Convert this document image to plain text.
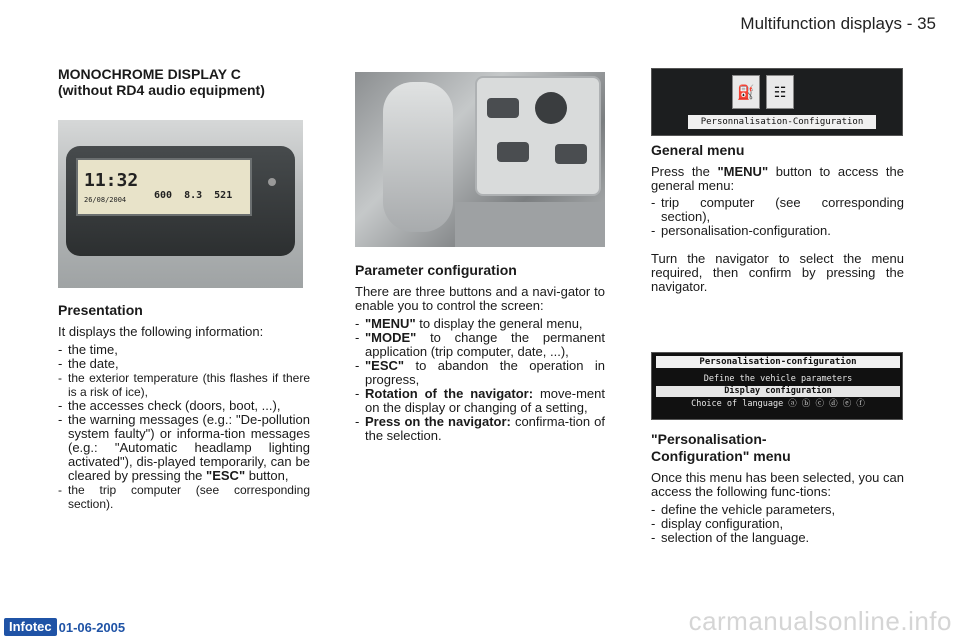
Multifunction displays - 35
MONOCHROME DISPLAY C
(without RD4 audio equipment)
11:32
26/08/2004	600 8.3 521
Presentation

It displays the following information:

- the time,
- the date,
- the exterior temperature (this flashes if there is a risk of ice),
- the accesses check (doors, boot, ...),
- the warning messages (e.g.: "De-pollution system faulty") or informa-tion messages (e.g.: "Automatic headlamp lighting activated"), dis-played temporarily, can be cleared by pressing the "ESC" button,
- the trip computer (see corresponding section).
Parameter configuration

There are three buttons and a navi-gator to enable you to control the screen:

- "MENU" to display the general menu,
- "MODE" to change the permanent application (trip computer, date, ...),
- "ESC" to abandon the operation in progress,
- Rotation of the navigator: move-ment on the display or changing of a setting,
- Press on the navigator: confirma-tion of the selection.
⛽	☷
Personnalisation-Configuration
General menu

Press the "MENU" button to access the general menu:

- trip computer (see corresponding section),
- personalisation-configuration.

Turn the navigator to select the menu required, then confirm by pressing the navigator.

Personalisation-configuration
Define the vehicle parameters
Display configuration
Choice of language ⓐ ⓑ ⓒ ⓓ ⓔ ⓕ
"Personalisation-
Configuration" menu

Once this menu has been selected, you can access the following func-tions:

- define the vehicle parameters,
- display configuration,
- selection of the language.
Infotec 01-06-2005	carmanualsonline.info
